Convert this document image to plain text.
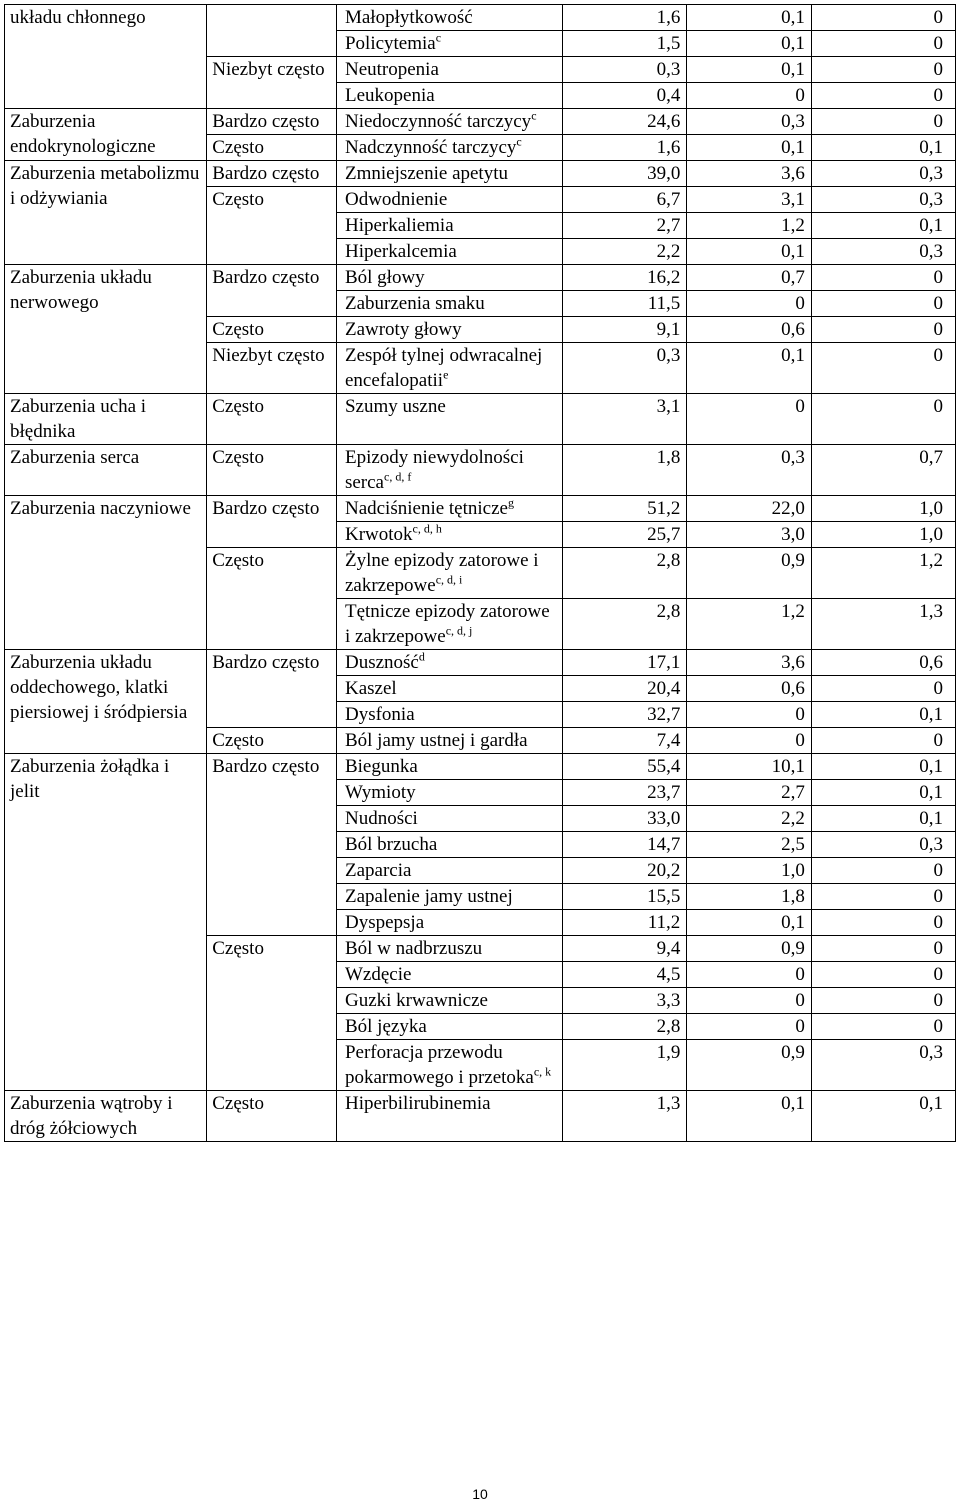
układu chłonnego		Małopłytkowość	1,6	0,1	0
		Policytemia$^c$	1,5	0,1	0
	Niezbyt często	Neutropenia	0,3	0,1	0
		Leukopenia	0,4	0	0
Zaburzenia endokrynologiczne	Bardzo często	Niedoczynność tarczycy$^c$	24,6	0,3	0
	Często	Nadczynność tarczycy$^c$	1,6	0,1	0,1
Zaburzenia metabolizmu i odżywiania	Bardzo często	Zmniejszenie apetytu	39,0	3,6	0,3
	Często	Odwodnienie	6,7	3,1	0,3
		Hiperkaliemia	2,7	1,2	0,1
		Hiperkalcemia	2,2	0,1	0,3
Zaburzenia układu nerwowego	Bardzo często	Ból głowy	16,2	0,7	0
		Zaburzenia smaku	11,5	0	0
	Często	Zawroty głowy	9,1	0,6	0
	Niezbyt często	Zespół tylnej odwracalnej encefalopatii$^e$	0,3	0,1	0
Zaburzenia ucha i błędnika	Często	Szumy uszne	3,1	0	0
Zaburzenia serca	Często	Epizody niewydolności serca$^{c, d, f}$	1,8	0,3	0,7
Zaburzenia naczyniowe	Bardzo często	Nadciśnienie tętnicze$^g$	51,2	22,0	1,0
		Krwotok$^{c, d, h}$	25,7	3,0	1,0
	Często	Żylne epizody zatorowe i zakrzepowe$^{c, d, i}$	2,8	0,9	1,2
		Tętnicze epizody zatorowe i zakrzepowe$^{c, d, j}$	2,8	1,2	1,3
Zaburzenia układu oddechowego, klatki piersiowej i śródpiersia	Bardzo często	Duszność$^d$	17,1	3,6	0,6
		Kaszel	20,4	0,6	0
		Dysfonia	32,7	0	0,1
	Często	Ból jamy ustnej i gardła	7,4	0	0
Zaburzenia żołądka i jelit	Bardzo często	Biegunka	55,4	10,1	0,1
		Wymioty	23,7	2,7	0,1
		Nudności	33,0	2,2	0,1
		Ból brzucha	14,7	2,5	0,3
		Zaparcia	20,2	1,0	0
		Zapalenie jamy ustnej	15,5	1,8	0
		Dyspepsja	11,2	0,1	0
	Często	Ból w nadbrzuszu	9,4	0,9	0
		Wzdęcie	4,5	0	0
		Guzki krwawnicze	3,3	0	0
		Ból języka	2,8	0	0
		Perforacja przewodu pokarmowego i przetoka$^{c, k}$	1,9	0,9	0,3
Zaburzenia wątroby i dróg żółciowych	Często	Hiperbilirubinemia	1,3	0,1	0,1
10
